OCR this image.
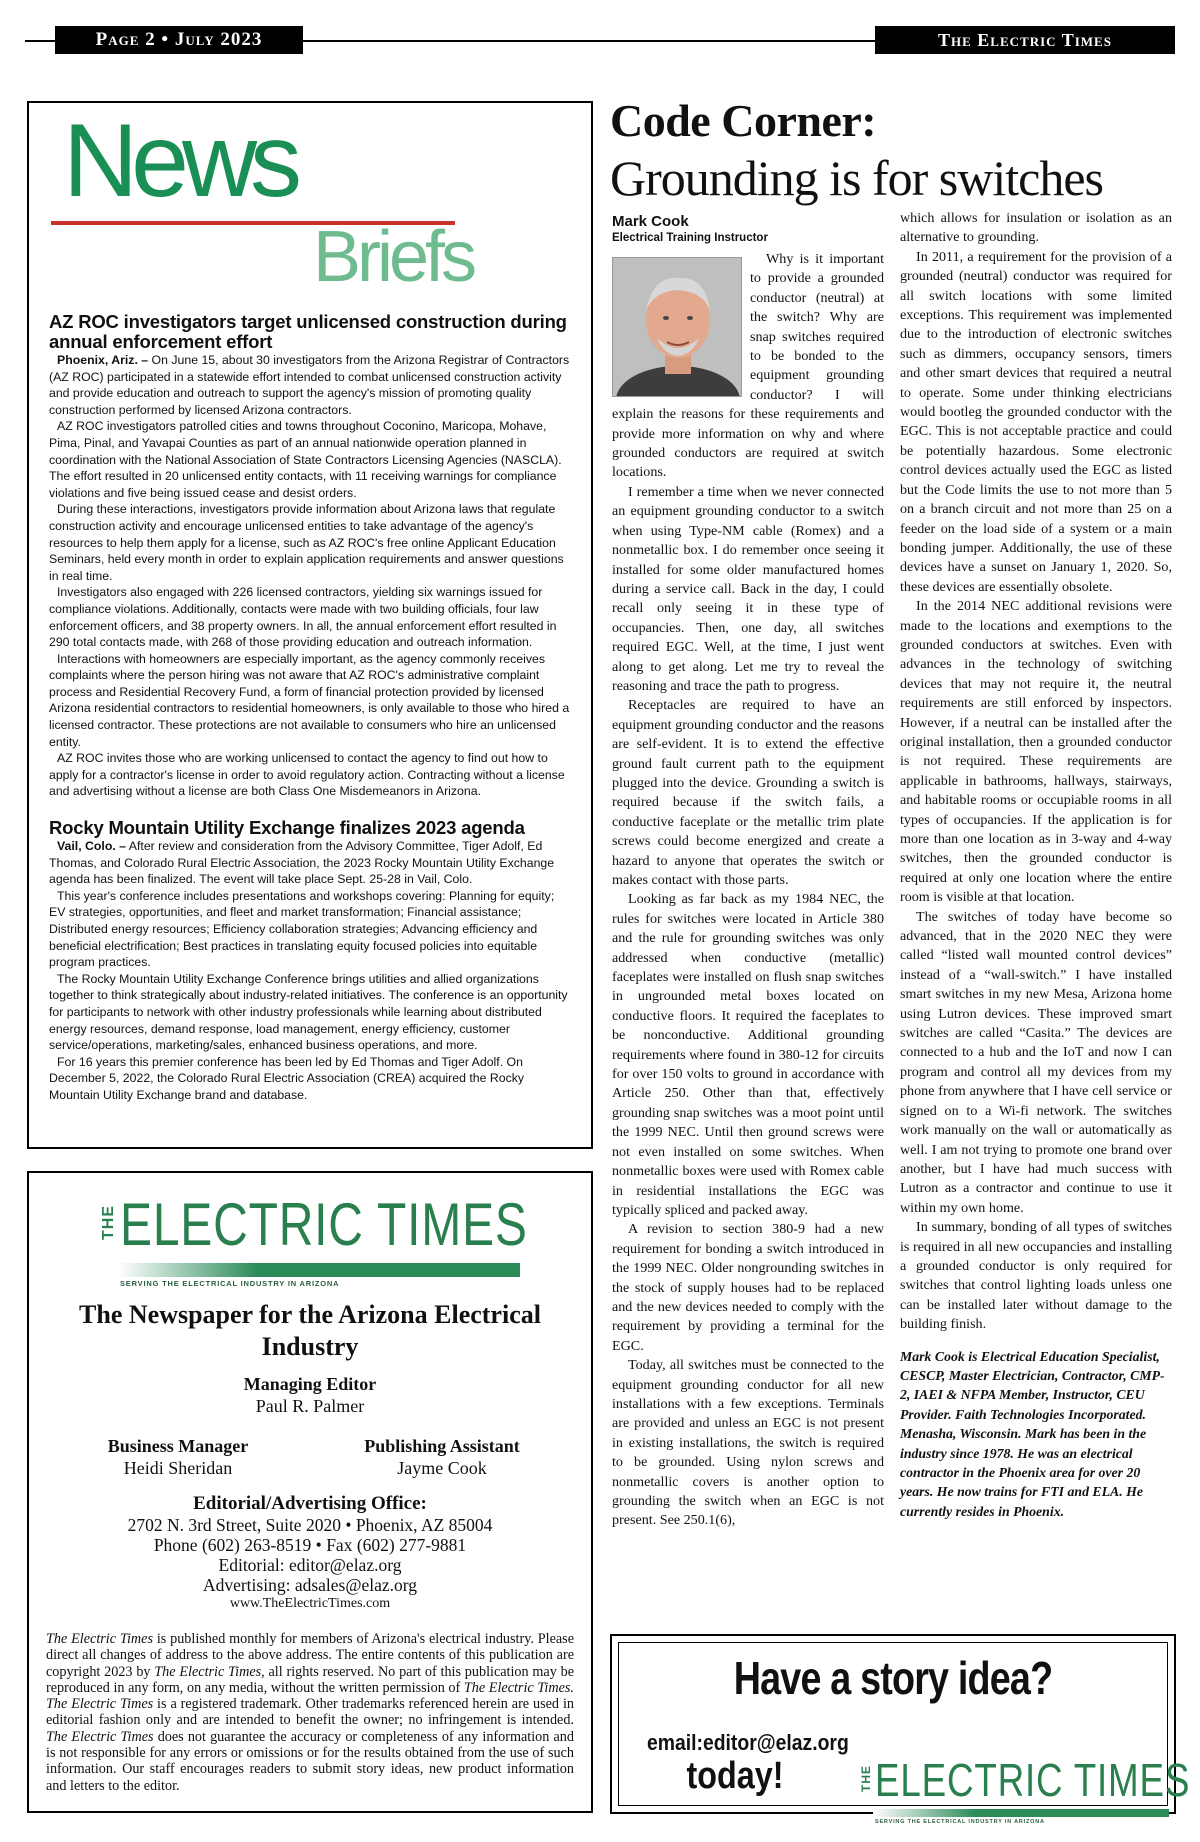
Page 2 • July 2023	The Electric Times
News
Briefs
AZ ROC investigators target unlicensed construction during annual enforcement effort

Phoenix, Ariz. – On June 15, about 30 investigators from the Arizona Registrar of Contractors (AZ ROC) participated in a statewide effort intended to combat unlicensed construction activity and provide education and outreach to support the agency's mission of promoting quality construction performed by licensed Arizona contractors.

AZ ROC investigators patrolled cities and towns throughout Coconino, Maricopa, Mohave, Pima, Pinal, and Yavapai Counties as part of an annual nationwide operation planned in coordination with the National Association of State Contractors Licensing Agencies (NASCLA). The effort resulted in 20 unlicensed entity contacts, with 11 receiving warnings for compliance violations and five being issued cease and desist orders.

During these interactions, investigators provide information about Arizona laws that regulate construction activity and encourage unlicensed entities to take advantage of the agency's resources to help them apply for a license, such as AZ ROC's free online Applicant Education Seminars, held every month in order to explain application requirements and answer questions in real time.

Investigators also engaged with 226 licensed contractors, yielding six warnings issued for compliance violations. Additionally, contacts were made with two building officials, four law enforcement officers, and 38 property owners. In all, the annual enforcement effort resulted in 290 total contacts made, with 268 of those providing education and outreach information.

Interactions with homeowners are especially important, as the agency commonly receives complaints where the person hiring was not aware that AZ ROC's administrative complaint process and Residential Recovery Fund, a form of financial protection provided by licensed Arizona residential contractors to residential homeowners, is only available to those who hired a licensed contractor. These protections are not available to consumers who hire an unlicensed entity.

AZ ROC invites those who are working unlicensed to contact the agency to find out how to apply for a contractor's license in order to avoid regulatory action. Contracting without a license and advertising without a license are both Class One Misdemeanors in Arizona.

Rocky Mountain Utility Exchange finalizes 2023 agenda

Vail, Colo. – After review and consideration from the Advisory Committee, Tiger Adolf, Ed Thomas, and Colorado Rural Electric Association, the 2023 Rocky Mountain Utility Exchange agenda has been finalized. The event will take place Sept. 25-28 in Vail, Colo.

This year's conference includes presentations and workshops covering: Planning for equity; EV strategies, opportunities, and fleet and market transformation; Financial assistance; Distributed energy resources; Efficiency collaboration strategies; Advancing efficiency and beneficial electrification; Best practices in translating equity focused policies into equitable program practices.

The Rocky Mountain Utility Exchange Conference brings utilities and allied organizations together to think strategically about industry-related initiatives. The conference is an opportunity for participants to network with other industry professionals while learning about distributed energy resources, demand response, load management, energy efficiency, customer service/operations, marketing/sales, enhanced business operations, and more.

For 16 years this premier conference has been led by Ed Thomas and Tiger Adolf. On December 5, 2022, the Colorado Rural Electric Association (CREA) acquired the Rocky Mountain Utility Exchange brand and database.

THE ELECTRIC TIMES
SERVING THE ELECTRICAL INDUSTRY IN ARIZONA
The Newspaper for the Arizona Electrical Industry
Managing Editor
Paul R. Palmer
Business Manager
Heidi Sheridan
Publishing Assistant
Jayme Cook
Editorial/Advertising Office:
2702 N. 3rd Street, Suite 2020 • Phoenix, AZ 85004
Phone (602) 263-8519 • Fax (602) 277-9881
Editorial: editor@elaz.org
Advertising: adsales@elaz.org
www.TheElectricTimes.com
The Electric Times is published monthly for members of Arizona's electrical industry. Please direct all changes of address to the above address. The entire contents of this publication are copyright 2023 by The Electric Times, all rights reserved. No part of this publication may be reproduced in any form, on any media, without the written permission of The Electric Times. The Electric Times is a registered trademark. Other trademarks referenced herein are used in editorial fashion only and are intended to benefit the owner; no infringement is intended. The Electric Times does not guarantee the accuracy or completeness of any information and is not responsible for any errors or omissions or for the results obtained from the use of such information. Our staff encourages readers to submit story ideas, new product information and letters to the editor.
Code Corner:
Grounding is for switches
Mark Cook
Electrical Training Instructor

Why is it important to provide a grounded conductor (neutral) at the switch? Why are snap switches required to be bonded to the equipment grounding conductor? I will explain the reasons for these requirements and provide more information on why and where grounded conductors are required at switch locations.

I remember a time when we never connected an equipment grounding conductor to a switch when using Type-NM cable (Romex) and a nonmetallic box. I do remember once seeing it installed for some older manufactured homes during a service call. Back in the day, I could recall only seeing it in these type of occupancies. Then, one day, all switches required EGC. Well, at the time, I just went along to get along. Let me try to reveal the reasoning and trace the path to progress.

Receptacles are required to have an equipment grounding conductor and the reasons are self-evident. It is to extend the effective ground fault current path to the equipment plugged into the device. Grounding a switch is required because if the switch fails, a conductive faceplate or the metallic trim plate screws could become energized and create a hazard to anyone that operates the switch or makes contact with those parts.

Looking as far back as my 1984 NEC, the rules for switches were located in Article 380 and the rule for grounding switches was only addressed when conductive (metallic) faceplates were installed on flush snap switches in ungrounded metal boxes located on conductive floors. It required the faceplates to be nonconductive. Additional grounding requirements where found in 380-12 for circuits for over 150 volts to ground in accordance with Article 250. Other than that, effectively grounding snap switches was a moot point until the 1999 NEC. Until then ground screws were not even installed on some switches. When nonmetallic boxes were used with Romex cable in residential installations the EGC was typically spliced and packed away.

A revision to section 380-9 had a new requirement for bonding a switch introduced in the 1999 NEC. Older nongrounding switches in the stock of supply houses had to be replaced and the new devices needed to comply with the requirement by providing a terminal for the EGC.

Today, all switches must be connected to the equipment grounding conductor for all new installations with a few exceptions. Terminals are provided and unless an EGC is not present in existing installations, the switch is required to be grounded. Using nylon screws and nonmetallic covers is another option to grounding the switch when an EGC is not present. See 250.1(6),

which allows for insulation or isolation as an alternative to grounding.

In 2011, a requirement for the provision of a grounded (neutral) conductor was required for all switch locations with some limited exceptions. This requirement was implemented due to the introduction of electronic switches such as dimmers, occupancy sensors, timers and other smart devices that required a neutral to operate. Some under thinking electricians would bootleg the grounded conductor with the EGC. This is not acceptable practice and could be potentially hazardous. Some electronic control devices actually used the EGC as listed but the Code limits the use to not more than 5 on a branch circuit and not more than 25 on a feeder on the load side of a system or a main bonding jumper. Additionally, the use of these devices have a sunset on January 1, 2020. So, these devices are essentially obsolete.

In the 2014 NEC additional revisions were made to the locations and exemptions to the grounded conductors at switches. Even with advances in the technology of switching devices that may not require it, the neutral requirements are still enforced by inspectors. However, if a neutral can be installed after the original installation, then a grounded conductor is not required. These requirements are applicable in bathrooms, hallways, stairways, and habitable rooms or occupiable rooms in all types of occupancies. If the application is for more than one location as in 3-way and 4-way switches, then the grounded conductor is required at only one location where the entire room is visible at that location.

The switches of today have become so advanced, that in the 2020 NEC they were called “listed wall mounted control devices” instead of a “wall-switch.” I have installed smart switches in my new Mesa, Arizona home using Lutron devices. These improved smart switches are called “Casita.” The devices are connected to a hub and the IoT and now I can program and control all my devices from my phone from anywhere that I have cell service or signed on to a Wi-fi network. The switches work manually on the wall or automatically as well. I am not trying to promote one brand over another, but I have had much success with Lutron as a contractor and continue to use it within my own home.

In summary, bonding of all types of switches is required in all new occupancies and installing a grounded conductor is only required for switches that control lighting loads unless one can be installed later without damage to the building finish.

Mark Cook is Electrical Education Specialist, CESCP, Master Electrician, Contractor, CMP-2, IAEI & NFPA Member, Instructor, CEU Provider. Faith Technologies Incorporated. Menasha, Wisconsin. Mark has been in the industry since 1978. He was an electrical contractor in the Phoenix area for over 20 years. He now trains for FTI and ELA. He currently resides in Phoenix.

Have a story idea?
email:editor@elaz.org
today!	THE ELECTRIC TIMES
SERVING THE ELECTRICAL INDUSTRY IN ARIZONA
